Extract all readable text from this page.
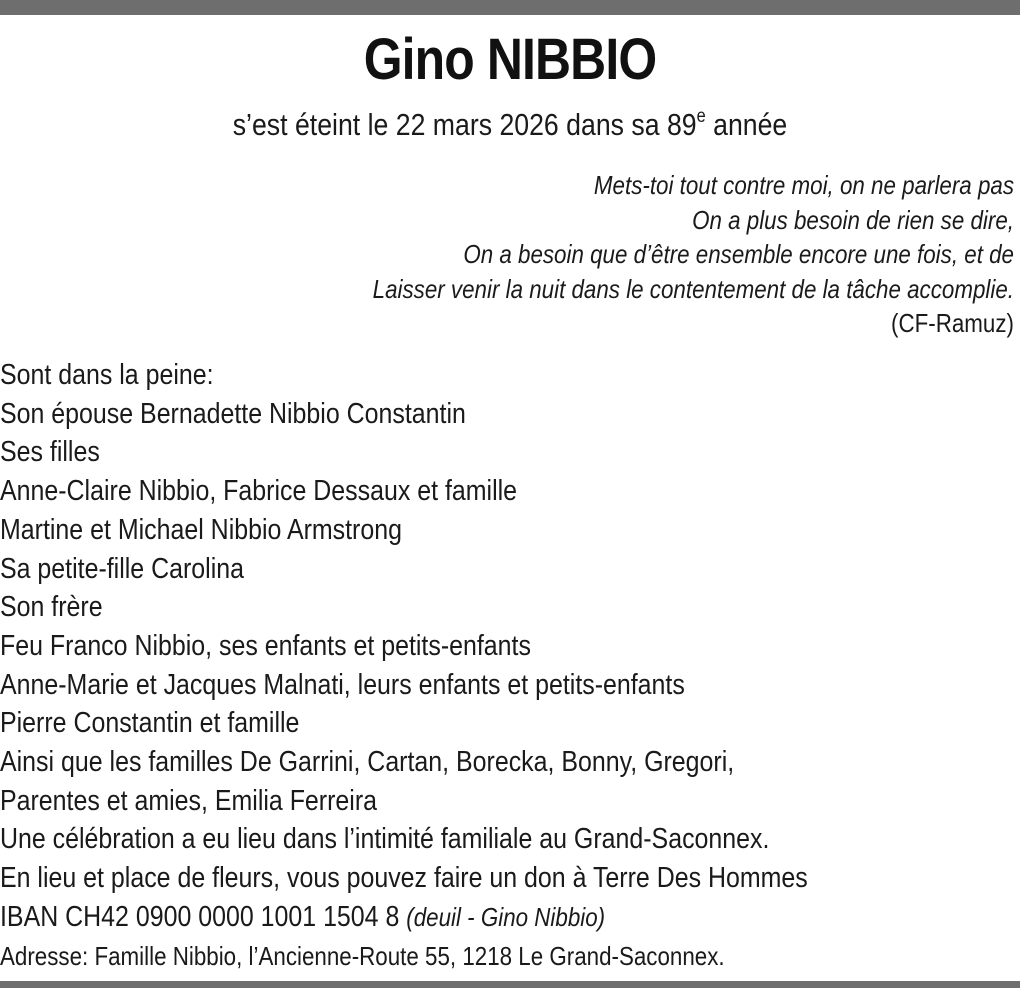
Gino NIBBIO
s’est éteint le 22 mars 2026 dans sa 89e année
Mets-toi tout contre moi, on ne parlera pas
On a plus besoin de rien se dire,
On a besoin que d’être ensemble encore une fois, et de
Laisser venir la nuit dans le contentement de la tâche accomplie.
(CF-Ramuz)
Sont dans la peine:
Son épouse Bernadette Nibbio Constantin
Ses filles
Anne-Claire Nibbio, Fabrice Dessaux et famille
Martine et Michael Nibbio Armstrong
Sa petite-fille Carolina
Son frère
Feu Franco Nibbio, ses enfants et petits-enfants
Anne-Marie et Jacques Malnati, leurs enfants et petits-enfants
Pierre Constantin et famille
Ainsi que les familles De Garrini, Cartan, Borecka, Bonny, Gregori,
Parentes et amies, Emilia Ferreira
Une célébration a eu lieu dans l’intimité familiale au Grand-Saconnex.
En lieu et place de fleurs, vous pouvez faire un don à Terre Des Hommes
IBAN CH42 0900 0000 1001 1504 8 (deuil - Gino Nibbio)
Adresse: Famille Nibbio, l’Ancienne-Route 55, 1218 Le Grand-Saconnex.
